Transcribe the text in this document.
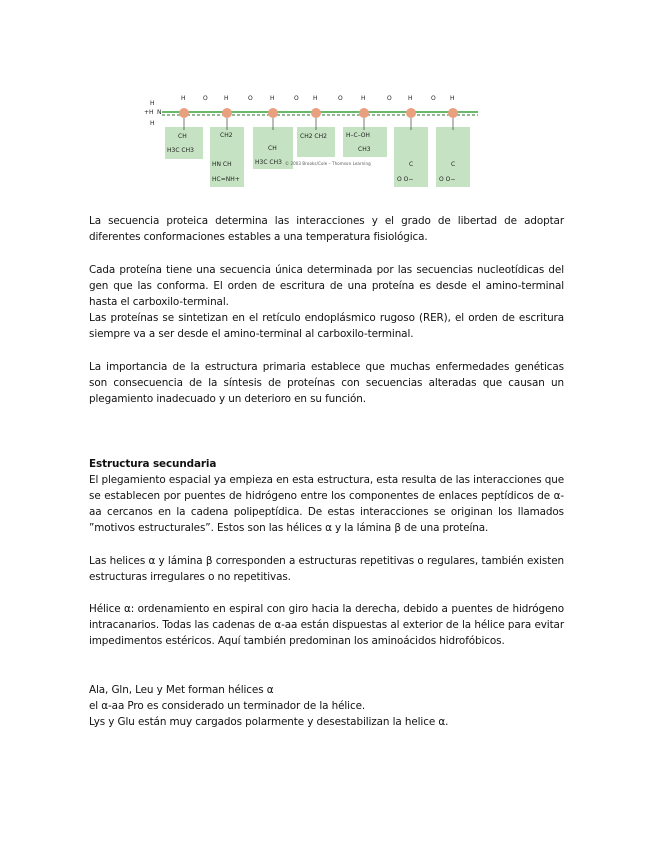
+H
H
H
N
H	H	H	H	H	H	H
O	O	O	O	O	O
CH
H3C CH3
CH2
HN CH
HC=NH+
CH
H3C CH3
CH2 CH2	H–C–OH
CH3
C
O O−
C
O O−
© 2003 Brooks/Cole – Thomson Learning

La secuencia proteica determina las interacciones y el grado de libertad de adoptar diferentes conformaciones estables a una temperatura fisiológica.

Cada proteína tiene una secuencia única determinada por las secuencias nucleotídicas del gen que las conforma. El orden de escritura de una proteína es desde el amino-terminal hasta el carboxilo-terminal.

Las proteínas se sintetizan en el retículo endoplásmico rugoso (RER), el orden de escritura siempre va a ser desde el amino-terminal al carboxilo-terminal.

La importancia de la estructura primaria establece que muchas enfermedades genéticas son consecuencia de la síntesis de proteínas con secuencias alteradas que causan un plegamiento inadecuado y un deterioro en su función.

Estructura secundaria

El plegamiento espacial ya empieza en esta estructura, esta resulta de las interacciones que se establecen por puentes de hidrógeno entre los componentes de enlaces peptídicos de α-aa cercanos en la cadena polipeptídica. De estas interacciones se originan los llamados ”motivos estructurales”. Estos son las hélices α y la lámina β de una proteína.

Las helices α y lámina β corresponden a estructuras repetitivas o regulares, también existen estructuras irregulares o no repetitivas.

Hélice α: ordenamiento en espiral con giro hacia la derecha, debido a puentes de hidrógeno intracanarios. Todas las cadenas de α-aa están dispuestas al exterior de la hélice para evitar impedimentos estéricos. Aquí también predominan los aminoácidos hidrofóbicos.

Ala, Gln, Leu y Met forman hélices α

el α-aa Pro es considerado un terminador de la hélice.

Lys y Glu están muy cargados polarmente y desestabilizan la helice α.
